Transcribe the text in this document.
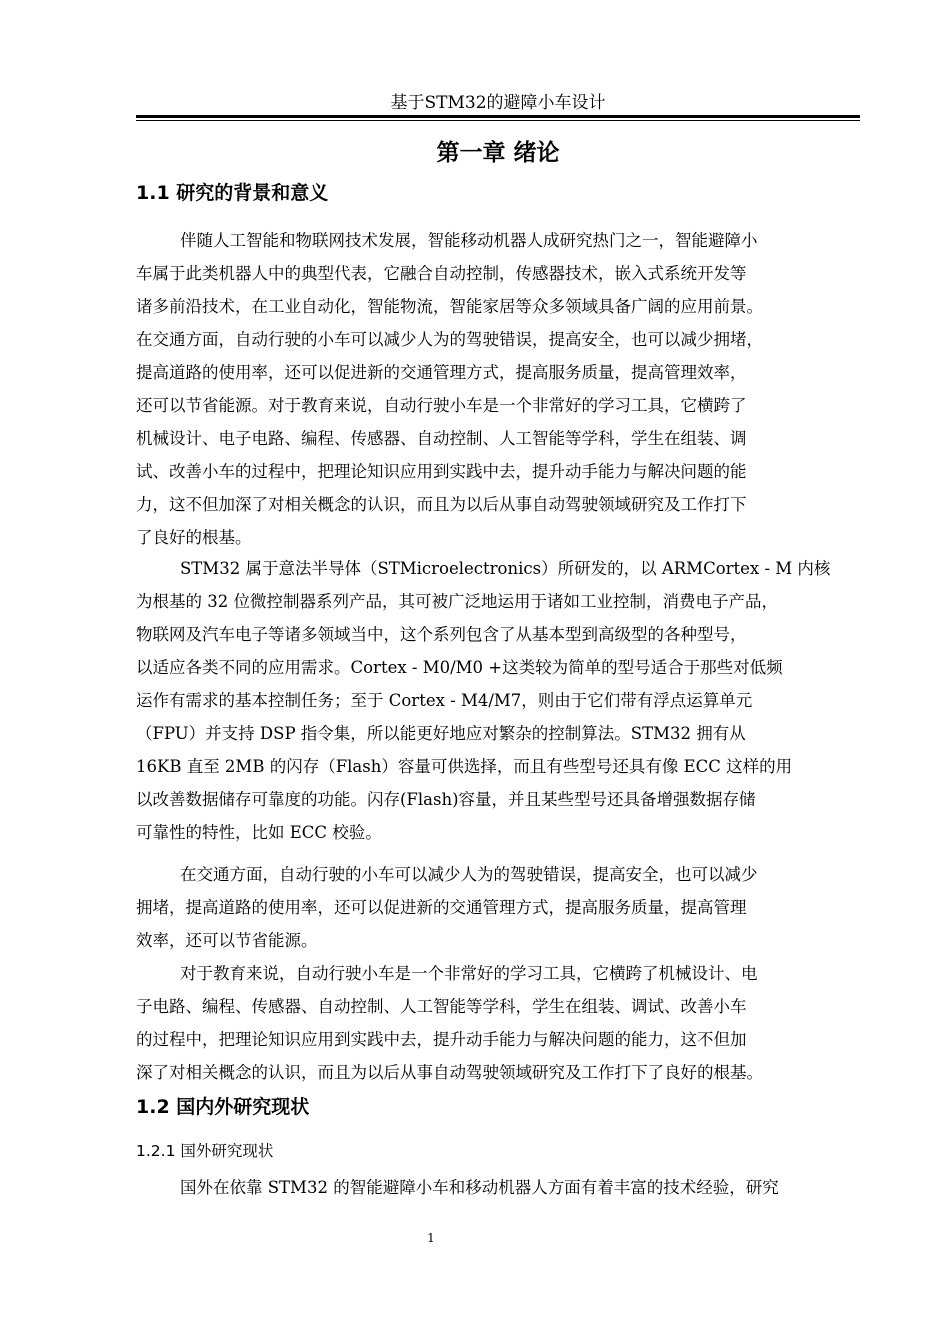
基于STM32的避障小车设计
第一章 绪论
1.1 研究的背景和意义
伴随人工智能和物联网技术发展，智能移动机器人成研究热门之一，智能避障小
车属于此类机器人中的典型代表，它融合自动控制，传感器技术，嵌入式系统开发等
诸多前沿技术，在工业自动化，智能物流，智能家居等众多领域具备广阔的应用前景。
在交通方面，自动行驶的小车可以减少人为的驾驶错误，提高安全，也可以减少拥堵，
提高道路的使用率，还可以促进新的交通管理方式，提高服务质量，提高管理效率，
还可以节省能源。对于教育来说，自动行驶小车是一个非常好的学习工具，它横跨了
机械设计、电子电路、编程、传感器、自动控制、人工智能等学科，学生在组装、调
试、改善小车的过程中，把理论知识应用到实践中去，提升动手能力与解决问题的能
力，这不但加深了对相关概念的认识，而且为以后从事自动驾驶领域研究及工作打下
了良好的根基。
STM32 属于意法半导体（STMicroelectronics）所研发的，以 ARMCortex - M 内核
为根基的 32 位微控制器系列产品，其可被广泛地运用于诸如工业控制，消费电子产品，
物联网及汽车电子等诸多领域当中，这个系列包含了从基本型到高级型的各种型号，
以适应各类不同的应用需求。Cortex - M0/M0 +这类较为简单的型号适合于那些对低频
运作有需求的基本控制任务；至于 Cortex - M4/M7，则由于它们带有浮点运算单元
（FPU）并支持 DSP 指令集，所以能更好地应对繁杂的控制算法。STM32 拥有从
16KB 直至 2MB 的闪存（Flash）容量可供选择，而且有些型号还具有像 ECC 这样的用
以改善数据储存可靠度的功能。闪存(Flash)容量，并且某些型号还具备增强数据存储
可靠性的特性，比如 ECC 校验。
在交通方面，自动行驶的小车可以减少人为的驾驶错误，提高安全，也可以减少
拥堵，提高道路的使用率，还可以促进新的交通管理方式，提高服务质量，提高管理
效率，还可以节省能源。
对于教育来说，自动行驶小车是一个非常好的学习工具，它横跨了机械设计、电
子电路、编程、传感器、自动控制、人工智能等学科，学生在组装、调试、改善小车
的过程中，把理论知识应用到实践中去，提升动手能力与解决问题的能力，这不但加
深了对相关概念的认识，而且为以后从事自动驾驶领域研究及工作打下了良好的根基。
1.2 国内外研究现状
1.2.1 国外研究现状
国外在依靠 STM32 的智能避障小车和移动机器人方面有着丰富的技术经验，研究
1
